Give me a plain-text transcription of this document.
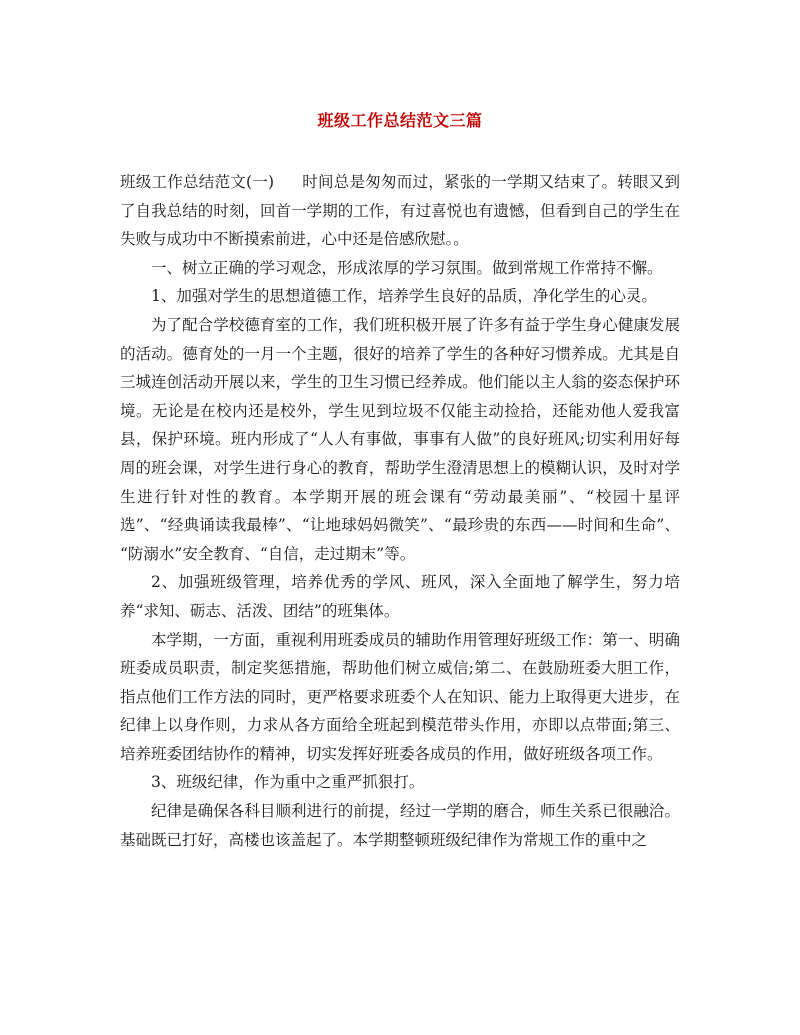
班级工作总结范文三篇

班级工作总结范文(一) 时间总是匆匆而过，紧张的一学期又结束了。转眼又到了自我总结的时刻，回首一学期的工作，有过喜悦也有遗憾，但看到自己的学生在失败与成功中不断摸索前进，心中还是倍感欣慰。。

一、树立正确的学习观念，形成浓厚的学习氛围。做到常规工作常持不懈。

1、加强对学生的思想道德工作，培养学生良好的品质，净化学生的心灵。

为了配合学校德育室的工作，我们班积极开展了许多有益于学生身心健康发展的活动。德育处的一月一个主题，很好的培养了学生的各种好习惯养成。尤其是自三城连创活动开展以来，学生的卫生习惯已经养成。他们能以主人翁的姿态保护环境。无论是在校内还是校外，学生见到垃圾不仅能主动捡拾，还能劝他人爱我富县，保护环境。班内形成了“人人有事做，事事有人做”的良好班风;切实利用好每周的班会课，对学生进行身心的教育，帮助学生澄清思想上的模糊认识，及时对学生进行针对性的教育。本学期开展的班会课有“劳动最美丽”、“校园十星评选”、“经典诵读我最棒”、“让地球妈妈微笑”、“最珍贵的东西——时间和生命”、 “防溺水”安全教育、“自信，走过期末”等。

2、加强班级管理，培养优秀的学风、班风，深入全面地了解学生，努力培养“求知、砺志、活泼、团结”的班集体。

本学期，一方面，重视利用班委成员的辅助作用管理好班级工作：第一、明确班委成员职责，制定奖惩措施，帮助他们树立威信;第二、在鼓励班委大胆工作，指点他们工作方法的同时，更严格要求班委个人在知识、能力上取得更大进步，在纪律上以身作则，力求从各方面给全班起到模范带头作用，亦即以点带面;第三、培养班委团结协作的精神，切实发挥好班委各成员的作用，做好班级各项工作。

3、班级纪律，作为重中之重严抓狠打。

纪律是确保各科目顺利进行的前提，经过一学期的磨合，师生关系已很融洽。基础既已打好，高楼也该盖起了。本学期整顿班级纪律作为常规工作的重中之
